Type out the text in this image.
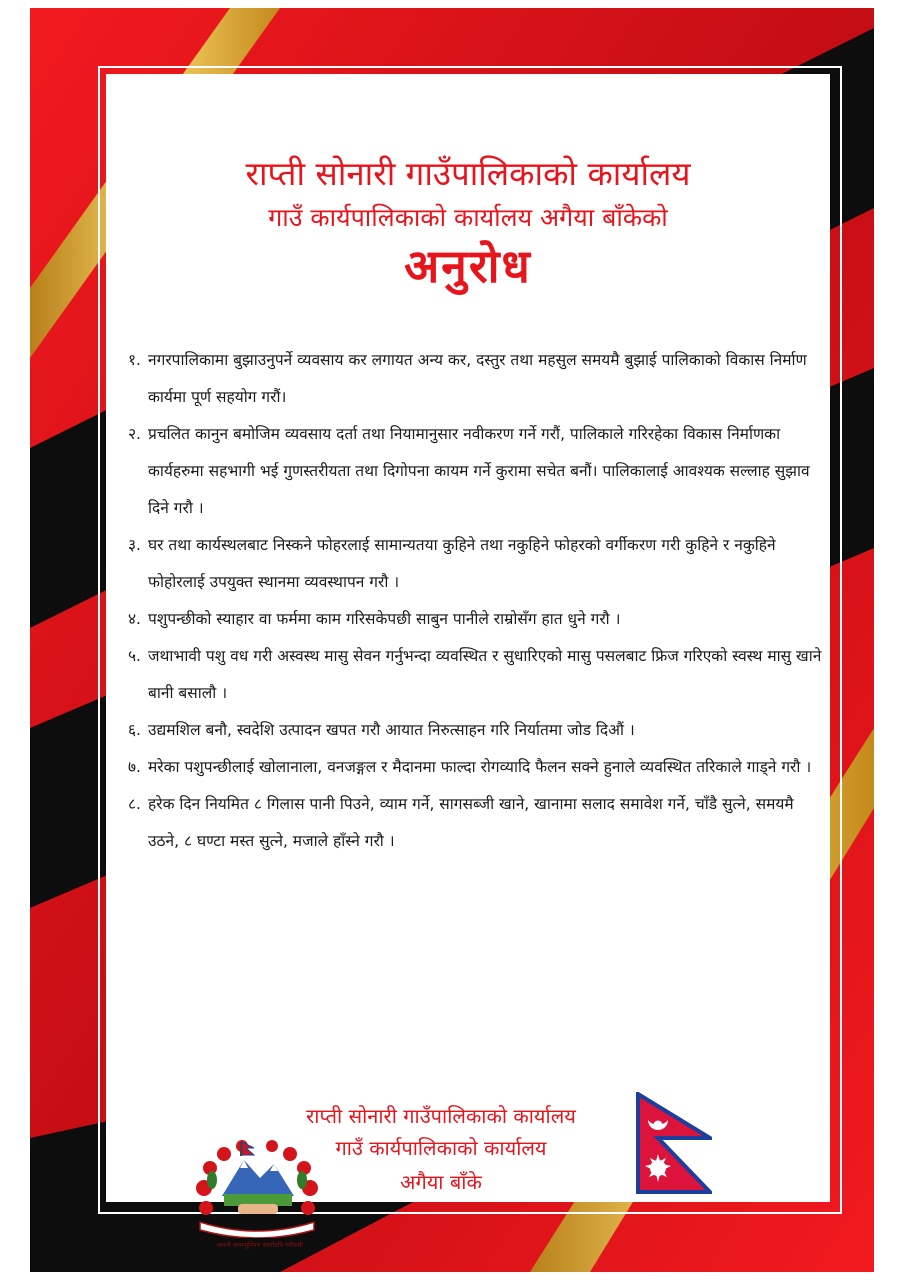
राप्ती सोनारी गाउँपालिकाको कार्यालय
गाउँ कार्यपालिकाको कार्यालय अगैया बाँकेको
अनुरोध
१. नगरपालिकामा बुझाउनुपर्ने व्यवसाय कर लगायत अन्य कर, दस्तुर तथा महसुल समयमै बुझाई पालिकाको विकास निर्माण कार्यमा पूर्ण सहयोग गरौं।
२. प्रचलित कानुन बमोजिम व्यवसाय दर्ता तथा नियामानुसार नवीकरण गर्ने गरौं, पालिकाले गरिरहेका विकास निर्माणका कार्यहरुमा सहभागी भई गुणस्तरीयता तथा दिगोपना कायम गर्ने कुरामा सचेत बनौं। पालिकालाई आवश्यक सल्लाह सुझाव दिने गरौ ।
३. घर तथा कार्यस्थलबाट निस्कने फोहरलाई सामान्यतया कुहिने तथा नकुहिने फोहरको वर्गीकरण गरी कुहिने र नकुहिने फोहोरलाई उपयुक्त स्थानमा व्यवस्थापन गरौ ।
४. पशुपन्छीको स्याहार वा फर्ममा काम गरिसकेपछी साबुन पानीले राम्रोसँग हात धुने गरौ ।
५. जथाभावी पशु वध गरी अस्वस्थ मासु सेवन गर्नुभन्दा व्यवस्थित र सुधारिएको मासु पसलबाट फ्रिज गरिएको स्वस्थ मासु खाने बानी बसालौ ।
६. उद्यमशिल बनौ, स्वदेशि उत्पादन खपत गरौ आयात निरुत्साहन गरि निर्यातमा जोड दिऔं ।
७. मरेका पशुपन्छीलाई खोलानाला, वनजङ्गल र मैदानमा फाल्दा रोगव्यादि फैलन सक्ने हुनाले व्यवस्थित तरिकाले गाड्ने गरौ ।
८. हरेक दिन नियमित ८ गिलास पानी पिउने, व्याम गर्ने, सागसब्जी खाने, खानामा सलाद समावेश गर्ने, चाँडै सुत्ने, समयमै उठने, ८ घण्टा मस्त सुत्ने, मजाले हाँस्ने गरौ ।
जननी जन्मभूमिश्च स्वर्गादपि गरीयसी
राप्ती सोनारी गाउँपालिकाको कार्यालय
गाउँ कार्यपालिकाको कार्यालय
अगैया बाँके
